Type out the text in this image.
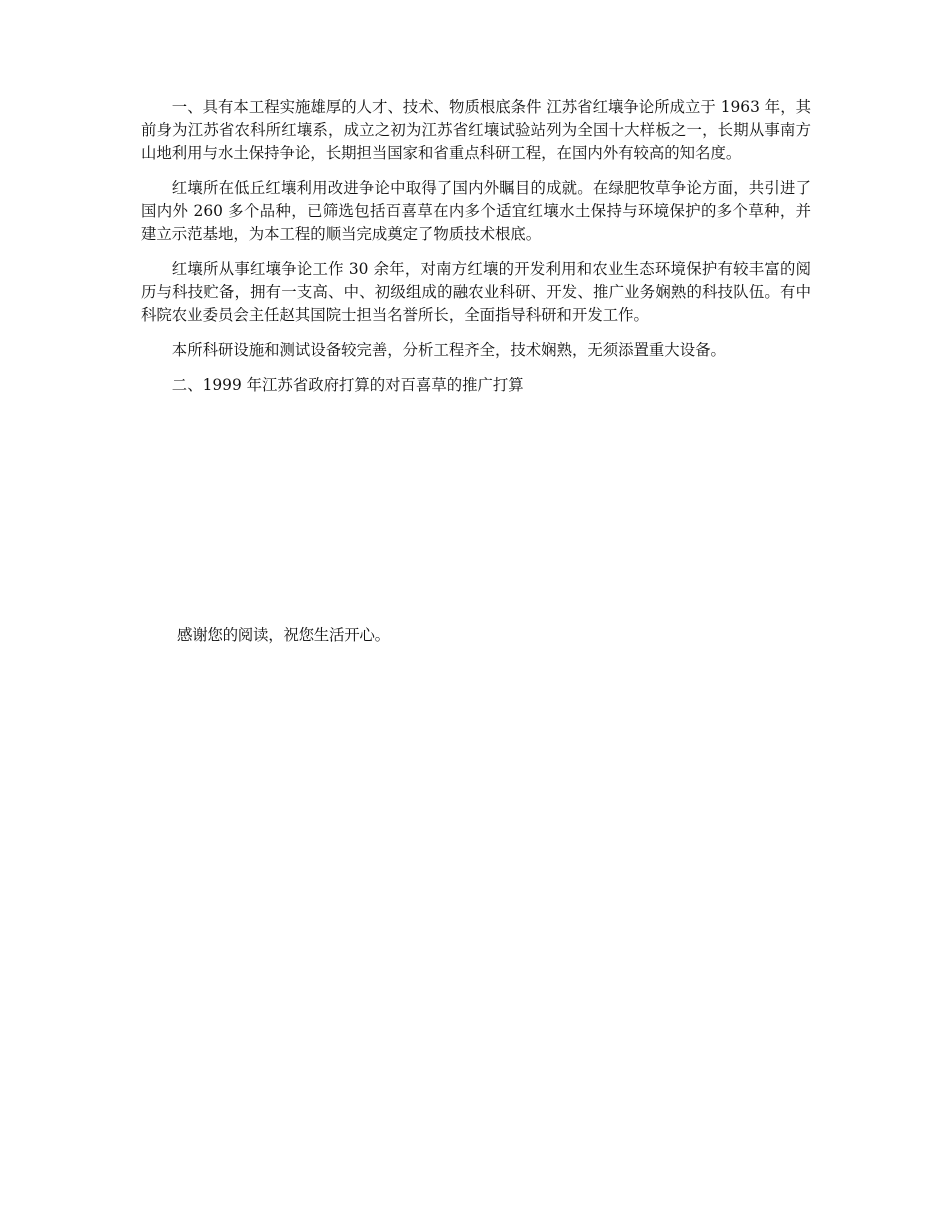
一、具有本工程实施雄厚的人才、技术、物质根底条件 江苏省红壤争论所成立于 1963 年，其前身为江苏省农科所红壤系，成立之初为江苏省红壤试验站列为全国十大样板之一，长期从事南方山地利用与水土保持争论，长期担当国家和省重点科研工程，在国内外有较高的知名度。

红壤所在低丘红壤利用改进争论中取得了国内外瞩目的成就。在绿肥牧草争论方面，共引进了国内外 260 多个品种，已筛选包括百喜草在内多个适宜红壤水土保持与环境保护的多个草种，并建立示范基地，为本工程的顺当完成奠定了物质技术根底。

红壤所从事红壤争论工作 30 余年，对南方红壤的开发利用和农业生态环境保护有较丰富的阅历与科技贮备，拥有一支高、中、初级组成的融农业科研、开发、推广业务娴熟的科技队伍。有中科院农业委员会主任赵其国院士担当名誉所长，全面指导科研和开发工作。

本所科研设施和测试设备较完善，分析工程齐全，技术娴熟，无须添置重大设备。

二、1999 年江苏省政府打算的对百喜草的推广打算

感谢您的阅读，祝您生活开心。
